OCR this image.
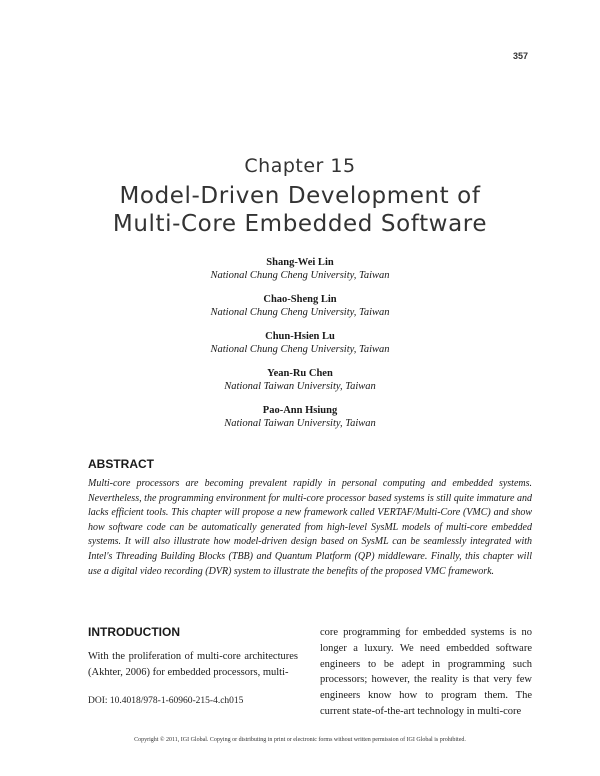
357
Chapter 15
Model-Driven Development of
Multi-Core Embedded Software
Shang-Wei Lin
National Chung Cheng University, Taiwan
Chao-Sheng Lin
National Chung Cheng University, Taiwan
Chun-Hsien Lu
National Chung Cheng University, Taiwan
Yean-Ru Chen
National Taiwan University, Taiwan
Pao-Ann Hsiung
National Taiwan University, Taiwan
ABSTRACT
Multi-core processors are becoming prevalent rapidly in personal computing and embedded systems. Nevertheless, the programming environment for multi-core processor based systems is still quite immature and lacks efficient tools. This chapter will propose a new framework called VERTAF/Multi-Core (VMC) and show how software code can be automatically generated from high-level SysML models of multi-core embedded systems. It will also illustrate how model-driven design based on SysML can be seamlessly integrated with Intel's Threading Building Blocks (TBB) and Quantum Platform (QP) middleware. Finally, this chapter will use a digital video recording (DVR) system to illustrate the benefits of the proposed VMC framework.
INTRODUCTION
With the proliferation of multi-core architectures (Akhter, 2006) for embedded processors, multi-
core programming for embedded systems is no longer a luxury. We need embedded software engineers to be adept in programming such processors; however, the reality is that very few engineers know how to program them. The current state-of-the-art technology in multi-core
DOI: 10.4018/978-1-60960-215-4.ch015
Copyright © 2011, IGI Global. Copying or distributing in print or electronic forms without written permission of IGI Global is prohibited.
